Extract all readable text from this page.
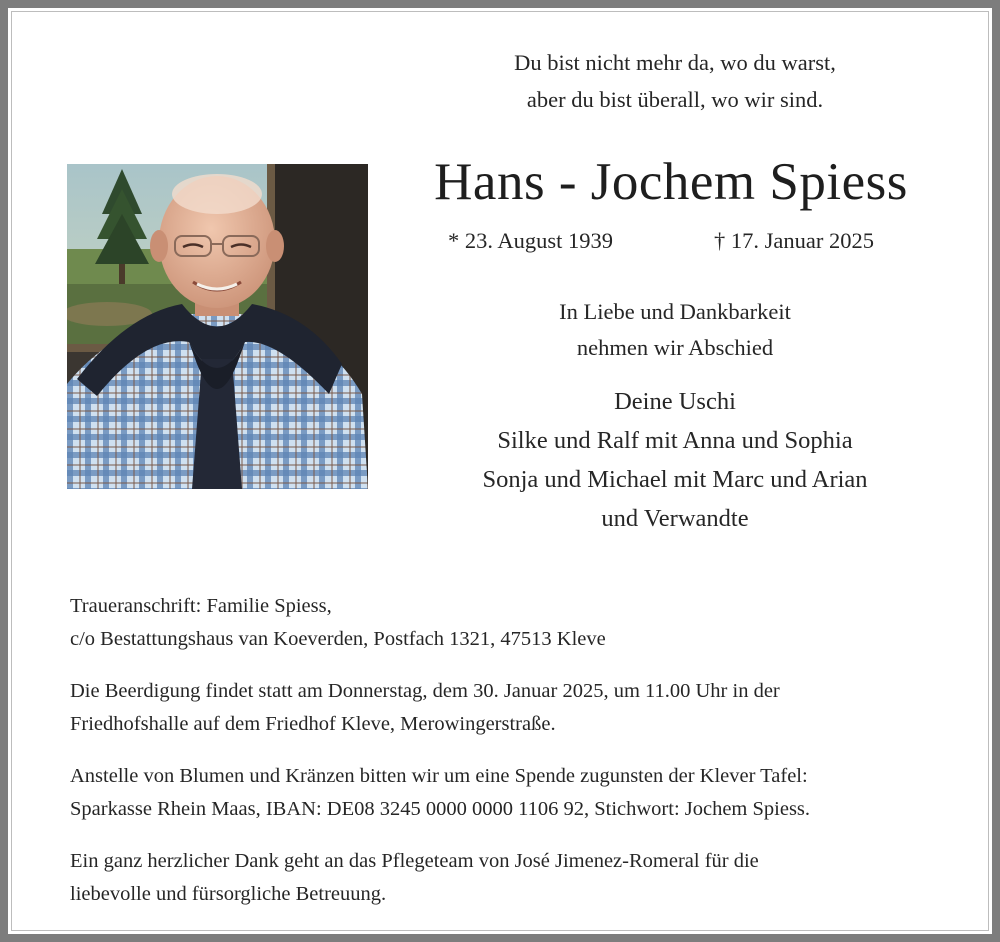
Du bist nicht mehr da, wo du warst,
aber du bist überall, wo wir sind.
Hans - Jochem Spiess
* 23. August 1939	† 17. Januar 2025
In Liebe und Dankbarkeit
nehmen wir Abschied
Deine Uschi
Silke und Ralf mit Anna und Sophia
Sonja und Michael mit Marc und Arian
und Verwandte
Traueranschrift: Familie Spiess,
c/o Bestattungshaus van Koeverden, Postfach 1321, 47513 Kleve
Die Beerdigung findet statt am Donnerstag, dem 30. Januar 2025, um 11.00 Uhr in der
Friedhofshalle auf dem Friedhof Kleve, Merowingerstraße.
Anstelle von Blumen und Kränzen bitten wir um eine Spende zugunsten der Klever Tafel:
Sparkasse Rhein Maas, IBAN: DE08 3245 0000 0000 1106 92, Stichwort: Jochem Spiess.
Ein ganz herzlicher Dank geht an das Pflegeteam von José Jimenez-Romeral für die
liebevolle und fürsorgliche Betreuung.
